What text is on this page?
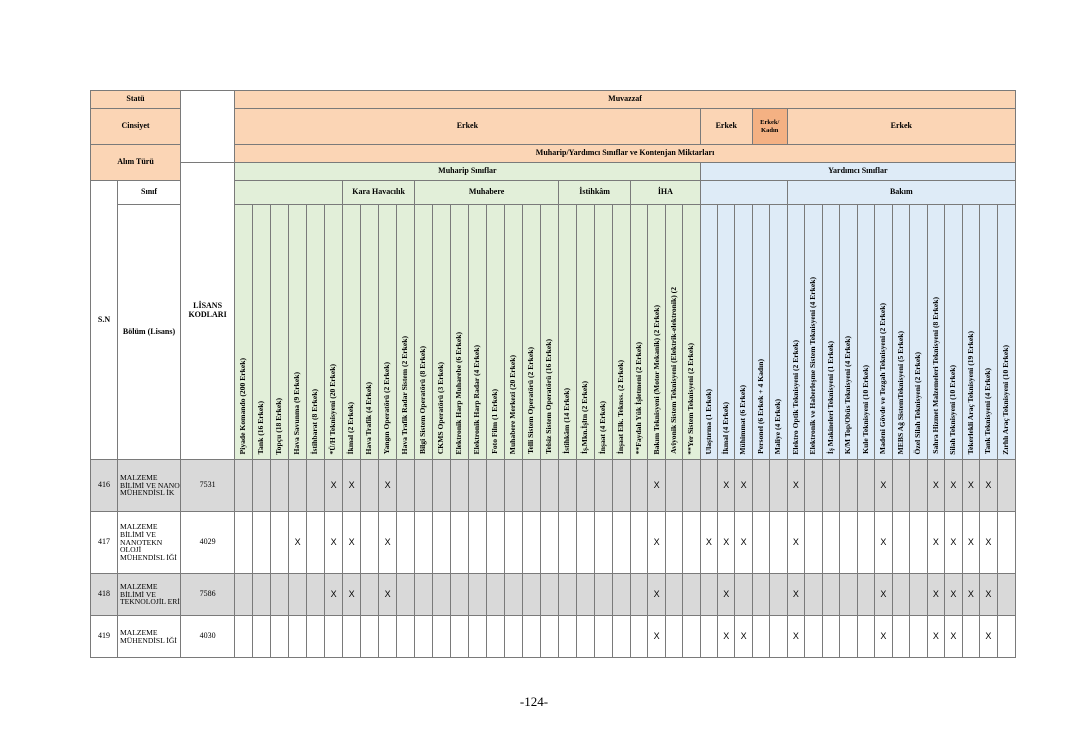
Statü			Muvazzaf																																											
Cinsiyet			Erkek																										Erkek			Erkek/ Kadın		Erkek												
Alım Türü			Muharip/Yardımcı Sınıflar ve Kontenjan Miktarları																																											
		LİSANS KODLARI	Muharip Sınıflar																										Yardımcı Sınıflar																	
S.N	Sınıf								Kara Havacılık				Muhabere								İstihkâm				İHA									Bakım												
	Bölüm (Lisans)		Piyade Komando (200 Erkek)	Tank (16 Erkek)	Topçu (18 Erkek)	Hava Savunma (9 Erkek)	İstihbarat (8 Erkek)	*Ü/H Teknisyeni (20 Erkek)	İkmal (2 Erkek)	Hava Trafik (4 Erkek)	Yangın Operatörü (2 Erkek)	Hava Trafik Radar Sistem (2 Erkek)	Bilgi Sistem Operatörü (8 Erkek)	CKMS Operatörü (3 Erkek)	Elektronik Harp Muharebe (6 Erkek)	Elektronik Harp Radar (4 Erkek)	Foto Film (1 Erkek)	Muhabere Merkezi (20 Erkek)	Telli Sistem Operatörü (2 Erkek)	Telsiz Sistem Operatörü (16 Erkek)	İstihkâm (14 Erkek)	İş.Mkn.İşltn (2 Erkek)	İnşaat (4 Erkek)	İnşaat Elk. Teknss. (2 Erkek)	**Faydalı Yük İşletmeni (2 Erkek)	Bakım Teknisyeni (Motor Mekanik) (2 Erkek)	Aviyonik Sistem Teknisyeni (Elektrik-elektronik) (2	**Yer Sistem Teknisyeni (2 Erkek)	Ulaştırma (1 Erkek)	İkmal (4 Erkek)	Mühimmat (6 Erkek)	Personel (6 Erkek + 4 Kadın)	Maliye (4 Erkek)	Elektro Optik Teknisyeni (2 Erkek)	Elektronik ve Haberleşme Sistem Teknisyeni (4 Erkek)	İş Makineleri Teknisyeni (1 Erkek)	K/M Top/Obüs Teknisyeni (4 Erkek)	Kule Teknisyeni (10 Erkek)	Madeni Gövde ve Tezgah Teknisyeni (2 Erkek)	MEBS Ağ SistemTeknisyeni (5 Erkek)	Özel Silah Teknisyeni (2 Erkek)	Sahra Hizmet Malzemeleri Teknisyeni (8 Erkek)	Silah Teknisyeni (10 Erkek)	Tekerlekli Araç Teknisyeni (19 Erkek)	Tank Teknisyeni (4 Erkek)	Zırhlı Araç Teknisyeni (10 Erkek)

416	MALZEME BİLİMİ VE NANO MÜHENDİSL İK	7531						X	X		X															X				X	X			X					X			X	X	X	X	
417	MALZEME BİLİMİ VE NANOTEKN OLOJİ MÜHENDİSL İĞİ	4029				X		X	X		X															X			X	X	X			X					X			X	X	X	X	
418	MALZEME BİLİMİ VE TEKNOLOJİL ERİ	7586						X	X		X															X				X				X					X			X	X	X	X	
419	MALZEME MÜHENDİSL İĞİ	4030																								X				X	X			X					X			X	X		X	
-124-
